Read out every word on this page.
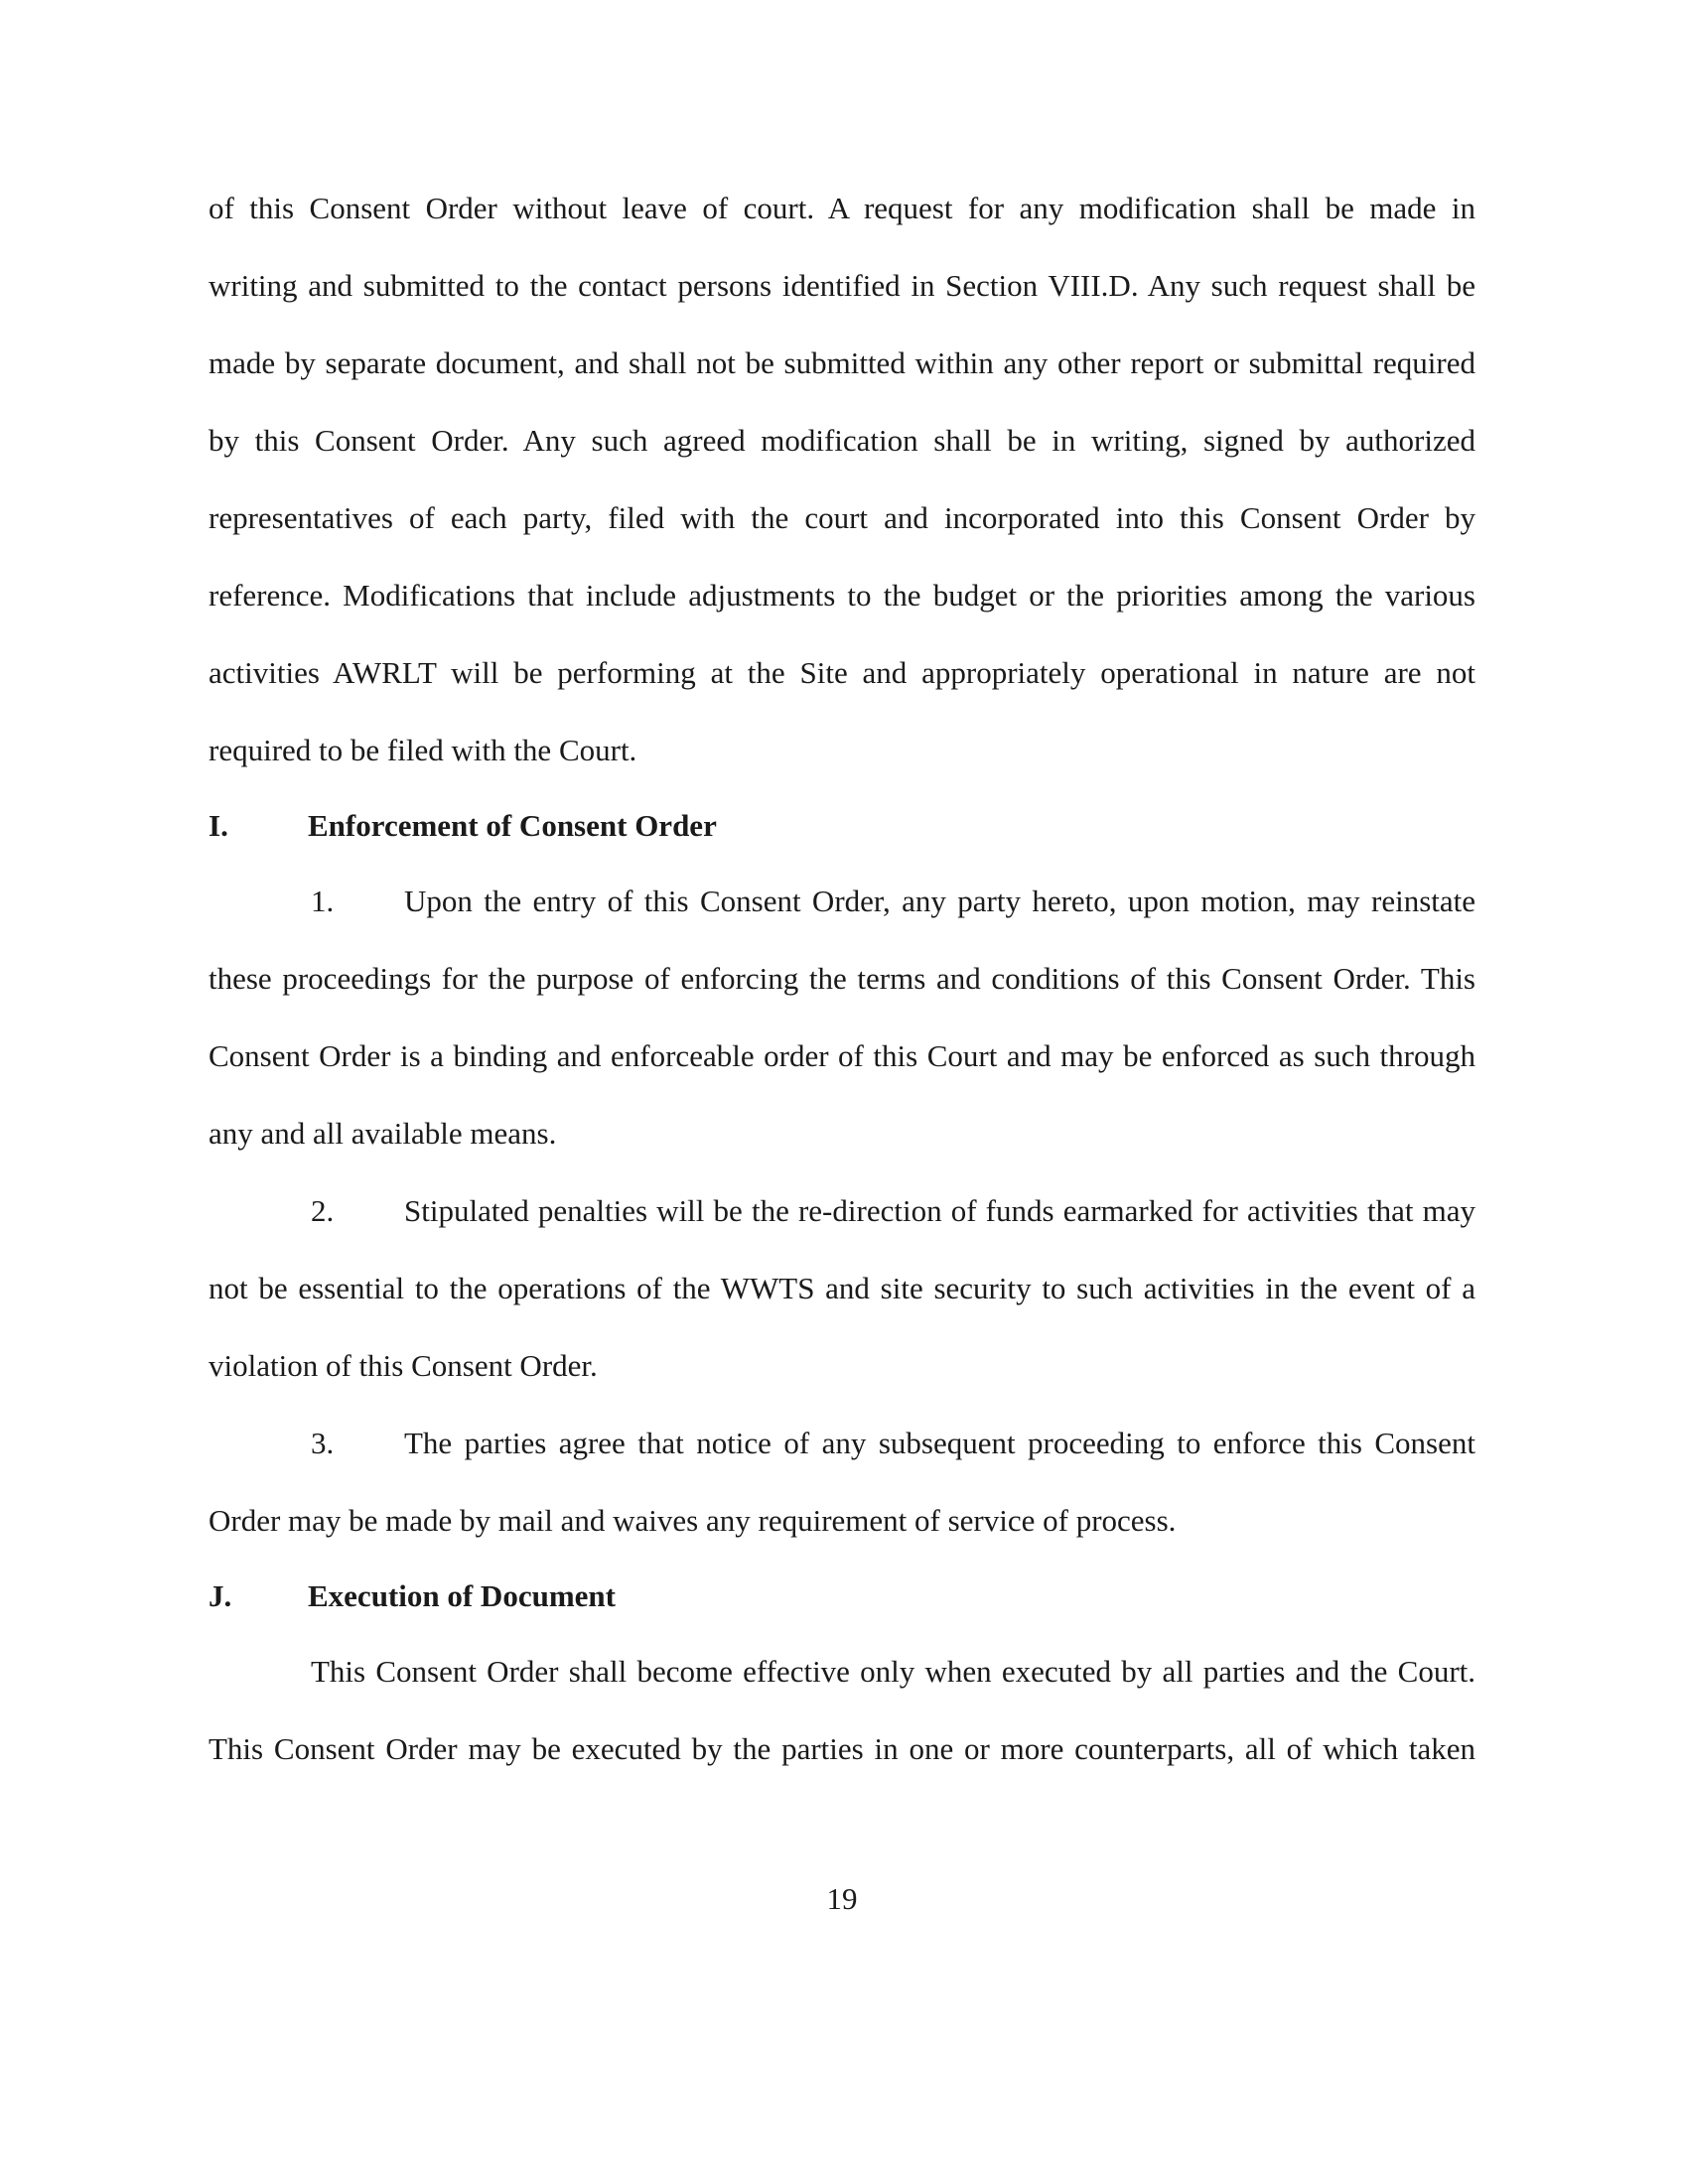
of this Consent Order without leave of court. A request for any modification shall be made in
writing and submitted to the contact persons identified in Section VIII.D. Any such request shall be
made by separate document, and shall not be submitted within any other report or submittal required
by this Consent Order. Any such agreed modification shall be in writing, signed by authorized
representatives of each party, filed with the court and incorporated into this Consent Order by
reference. Modifications that include adjustments to the budget or the priorities among the various
activities AWRLT will be performing at the Site and appropriately operational in nature are not
required to be filed with the Court.
I.	Enforcement of Consent Order
1. Upon the entry of this Consent Order, any party hereto, upon motion, may reinstate
these proceedings for the purpose of enforcing the terms and conditions of this Consent Order. This
Consent Order is a binding and enforceable order of this Court and may be enforced as such through
any and all available means.
2. Stipulated penalties will be the re-direction of funds earmarked for activities that may
not be essential to the operations of the WWTS and site security to such activities in the event of a
violation of this Consent Order.
3. The parties agree that notice of any subsequent proceeding to enforce this Consent
Order may be made by mail and waives any requirement of service of process.
J. Execution of Document
This Consent Order shall become effective only when executed by all parties and the Court.
This Consent Order may be executed by the parties in one or more counterparts, all of which taken
19
